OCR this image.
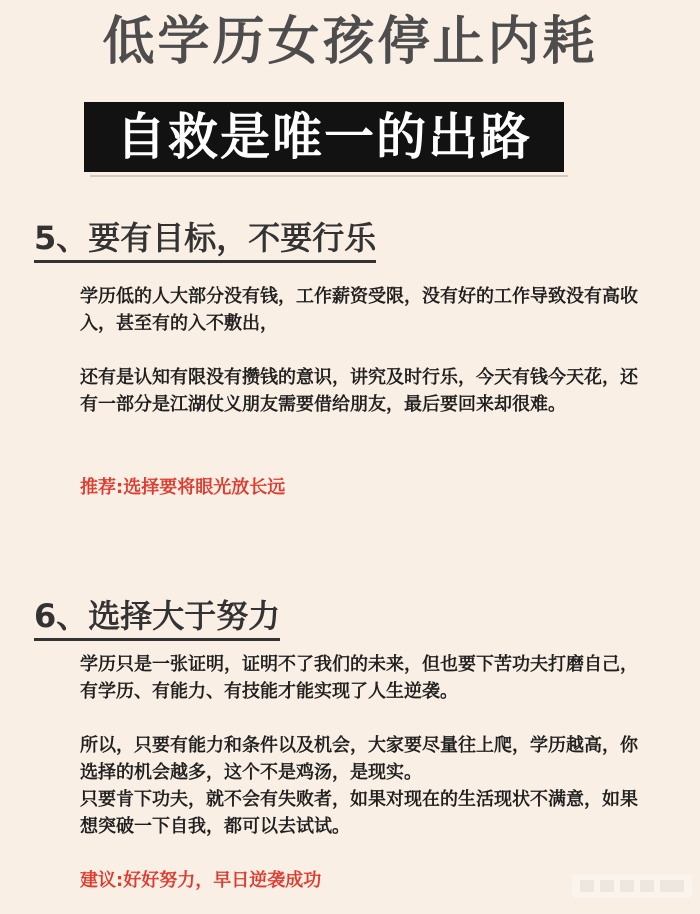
低学历女孩停止内耗
自救是唯一的出路
5、要有目标，不要行乐
学历低的人大部分没有钱，工作薪资受限，没有好的工作导致没有高收入，甚至有的入不敷出，
还有是认知有限没有攒钱的意识，讲究及时行乐，今天有钱今天花，还有一部分是江湖仗义朋友需要借给朋友，最后要回来却很难。
推荐:选择要将眼光放长远
6、选择大于努力
学历只是一张证明，证明不了我们的未来，但也要下苦功夫打磨自己，有学历、有能力、有技能才能实现了人生逆袭。
所以，只要有能力和条件以及机会，大家要尽量往上爬，学历越高，你选择的机会越多，这个不是鸡汤，是现实。
只要肯下功夫，就不会有失败者，如果对现在的生活现状不满意，如果想突破一下自我，都可以去试试。
建议:好好努力，早日逆袭成功
